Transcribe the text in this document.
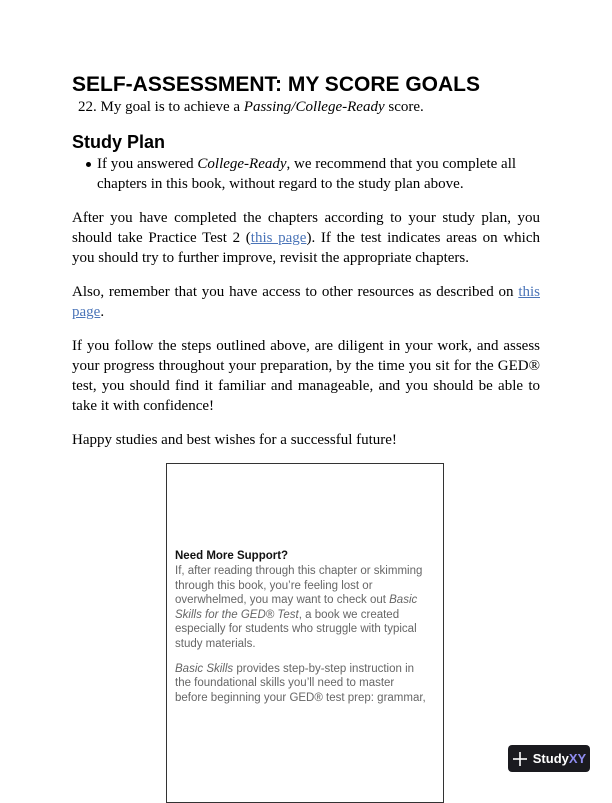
SELF-ASSESSMENT: MY SCORE GOALS

22. My goal is to achieve a Passing/College-Ready score.

Study Plan

If you answered College-Ready, we recommend that you complete all chapters in this book, without regard to the study plan above.

After you have completed the chapters according to your study plan, you should take Practice Test 2 (this page). If the test indicates areas on which you should try to further improve, revisit the appropriate chapters.

Also, remember that you have access to other resources as described on this page.

If you follow the steps outlined above, are diligent in your work, and assess your progress throughout your preparation, by the time you sit for the GED® test, you should find it familiar and manageable, and you should be able to take it with confidence!

Happy studies and best wishes for a successful future!

Need More Support?

If, after reading through this chapter or skimming through this book, you’re feeling lost or overwhelmed, you may want to check out Basic Skills for the GED® Test, a book we created especially for students who struggle with typical study materials.

Basic Skills provides step-by-step instruction in the foundational skills you’ll need to master before beginning your GED® test prep: grammar,

StudyXY
